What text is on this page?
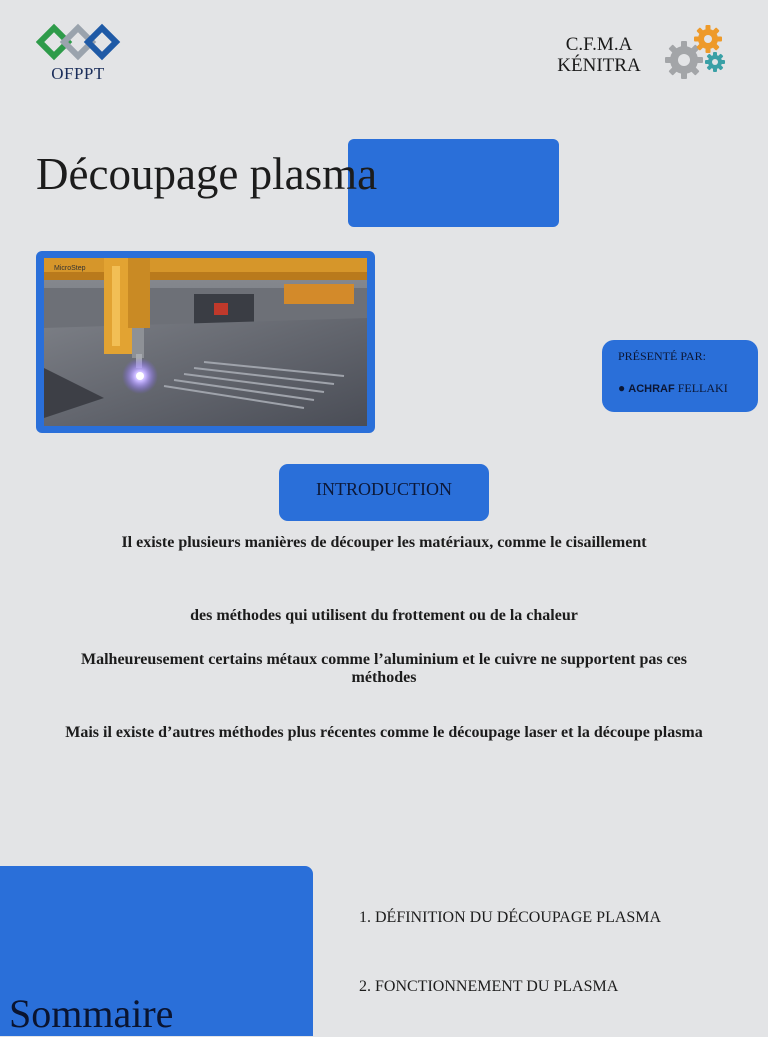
OFPPT
C.F.M.A
KÉNITRA
Découpage plasma
MicroStep
PRÉSENTÉ PAR:
● ACHRAF FELLAKI
INTRODUCTION
Il existe plusieurs manières de découper les matériaux, comme le cisaillement
des méthodes qui utilisent du frottement ou de la chaleur
Malheureusement certains métaux comme l’aluminium et le cuivre ne supportent pas ces méthodes
Mais il existe d’autres méthodes plus récentes comme le découpage laser et la découpe plasma
Sommaire
1. DÉFINITION DU DÉCOUPAGE PLASMA
2. FONCTIONNEMENT DU PLASMA
